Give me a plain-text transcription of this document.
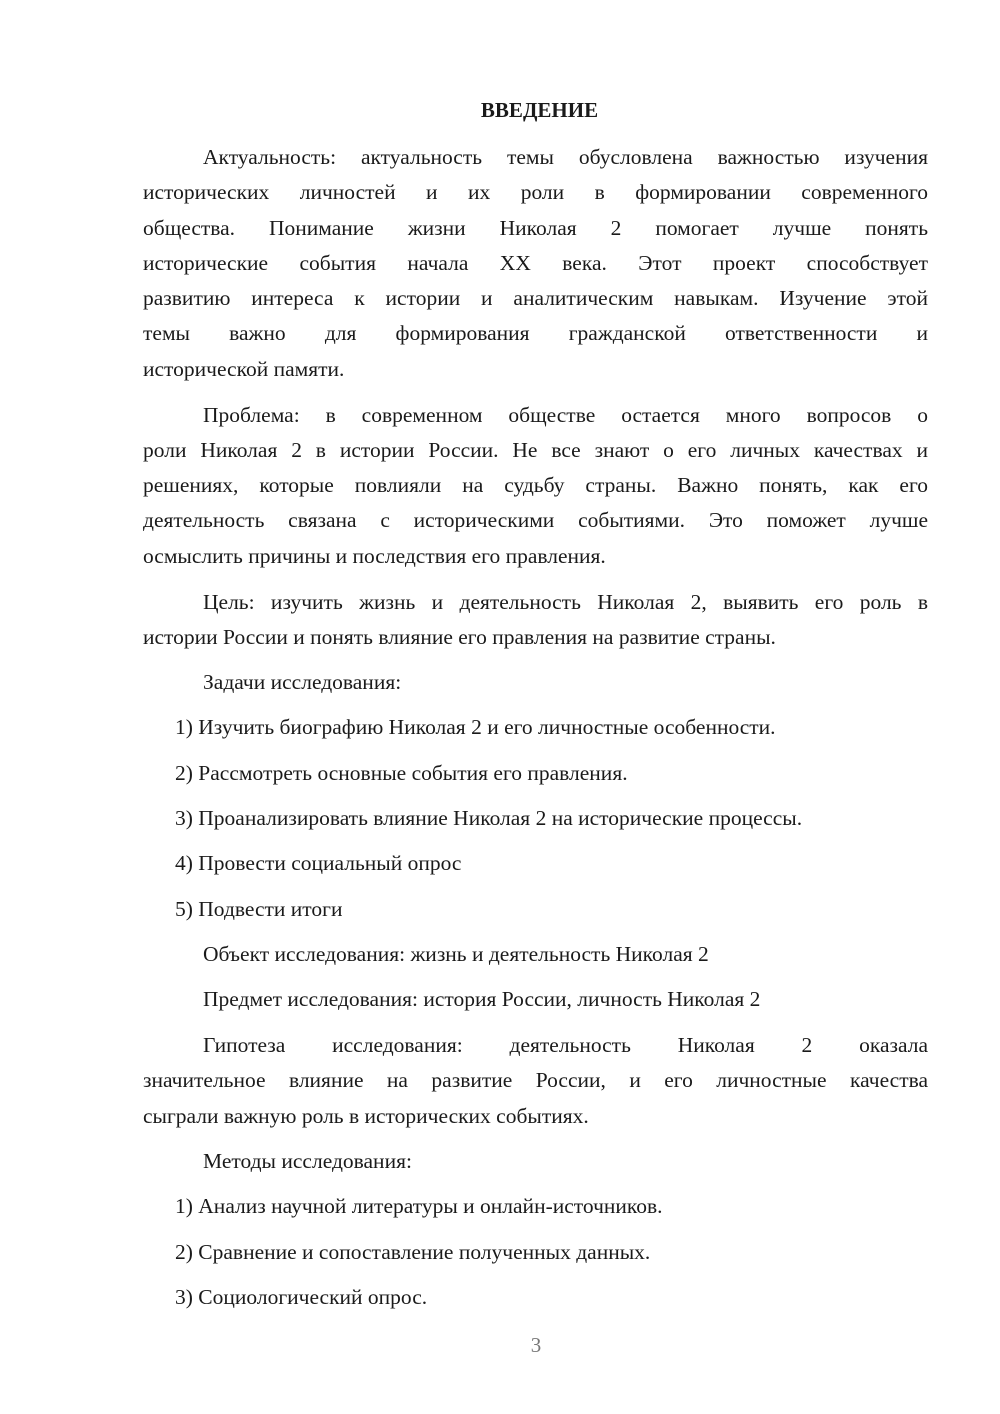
ВВЕДЕНИЕ
Актуальность: актуальность темы обусловлена важностью изучения
исторических личностей и их роли в формировании современного
общества. Понимание жизни Николая 2 помогает лучше понять
исторические события начала XX века. Этот проект способствует
развитию интереса к истории и аналитическим навыкам. Изучение этой
темы важно для формирования гражданской ответственности и
исторической памяти.
Проблема: в современном обществе остается много вопросов о
роли Николая 2 в истории России. Не все знают о его личных качествах и
решениях, которые повлияли на судьбу страны. Важно понять, как его
деятельность связана с историческими событиями. Это поможет лучше
осмыслить причины и последствия его правления.
Цель: изучить жизнь и деятельность Николая 2, выявить его роль в
истории России и понять влияние его правления на развитие страны.
Задачи исследования:
1) Изучить биографию Николая 2 и его личностные особенности.
2) Рассмотреть основные события его правления.
3) Проанализировать влияние Николая 2 на исторические процессы.
4) Провести социальный опрос
5) Подвести итоги
Объект исследования: жизнь и деятельность Николая 2
Предмет исследования: история России, личность Николая 2
Гипотеза исследования: деятельность Николая 2 оказала
значительное влияние на развитие России, и его личностные качества
сыграли важную роль в исторических событиях.
Методы исследования:
1) Анализ научной литературы и онлайн-источников.
2) Сравнение и сопоставление полученных данных.
3) Социологический опрос.
3
